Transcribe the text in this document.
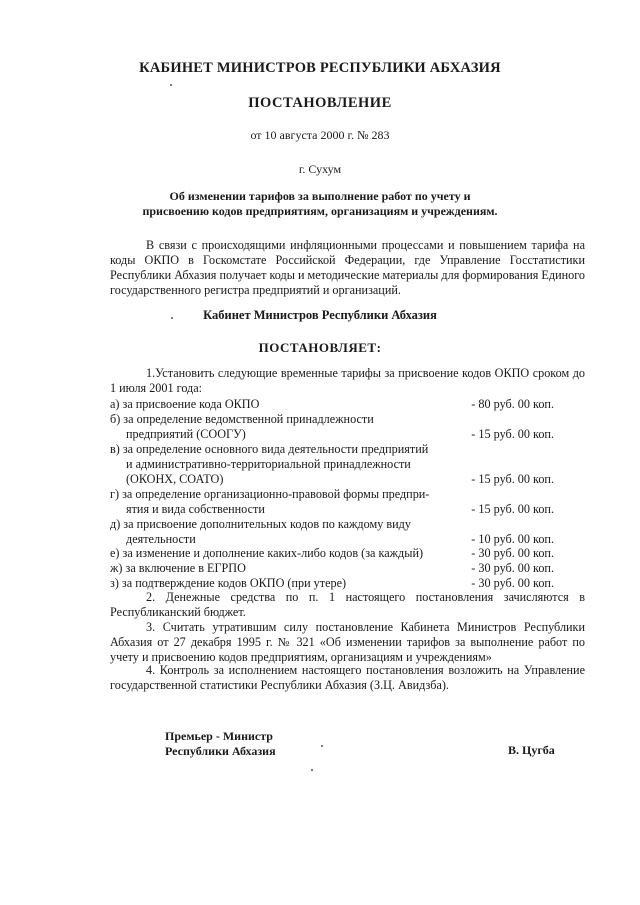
КАБИНЕТ МИНИСТРОВ РЕСПУБЛИКИ АБХАЗИЯ
ПОСТАНОВЛЕНИЕ
от 10 августа 2000 г. № 283
г. Сухум
Об изменении тарифов за выполнение работ по учету и
присвоению кодов предприятиям, организациям и учреждениям.
В связи с происходящими инфляционными процессами и повышением тарифа на коды ОКПО в Госкомстате Российской Федерации, где Управление Госстатистики Республики Абхазия получает коды и методические материалы для формирования Единого государственного регистра предприятий и организаций.
Кабинет Министров Республики Абхазия
ПОСТАНОВЛЯЕТ:
1.Установить следующие временные тарифы за присвоение кодов ОКПО сроком до 1 июля 2001 года:
а) за присвоение кода ОКПО	- 80 руб. 00 коп.
б) за определение ведомственной принадлежности
предприятий (СООГУ)	- 15 руб. 00 коп.
в) за определение основного вида деятельности предприятий
и административно-территориальной принадлежности
(ОКОНХ, СОАТО)	- 15 руб. 00 коп.
г) за определение организационно-правовой формы предпри-
ятия и вида собственности	- 15 руб. 00 коп.
д) за присвоение дополнительных кодов по каждому виду
деятельности	- 10 руб. 00 коп.
е) за изменение и дополнение каких-либо кодов (за каждый)	- 30 руб. 00 коп.
ж) за включение в ЕГРПО	- 30 руб. 00 коп.
з) за подтверждение кодов ОКПО (при утере)	- 30 руб. 00 коп.
2. Денежные средства по п. 1 настоящего постановления зачисляются в Республиканский бюджет.
3. Считать утратившим силу постановление Кабинета Министров Республики Абхазия от 27 декабря 1995 г. № 321 «Об изменении тарифов за выполнение работ по учету и присвоению кодов предприятиям, организациям и учреждениям»
4. Контроль за исполнением настоящего постановления возложить на Управление государственной статистики Республики Абхазия (З.Ц. Авидзба).
Премьер - Министр
Республики Абхазия	В. Цугба
